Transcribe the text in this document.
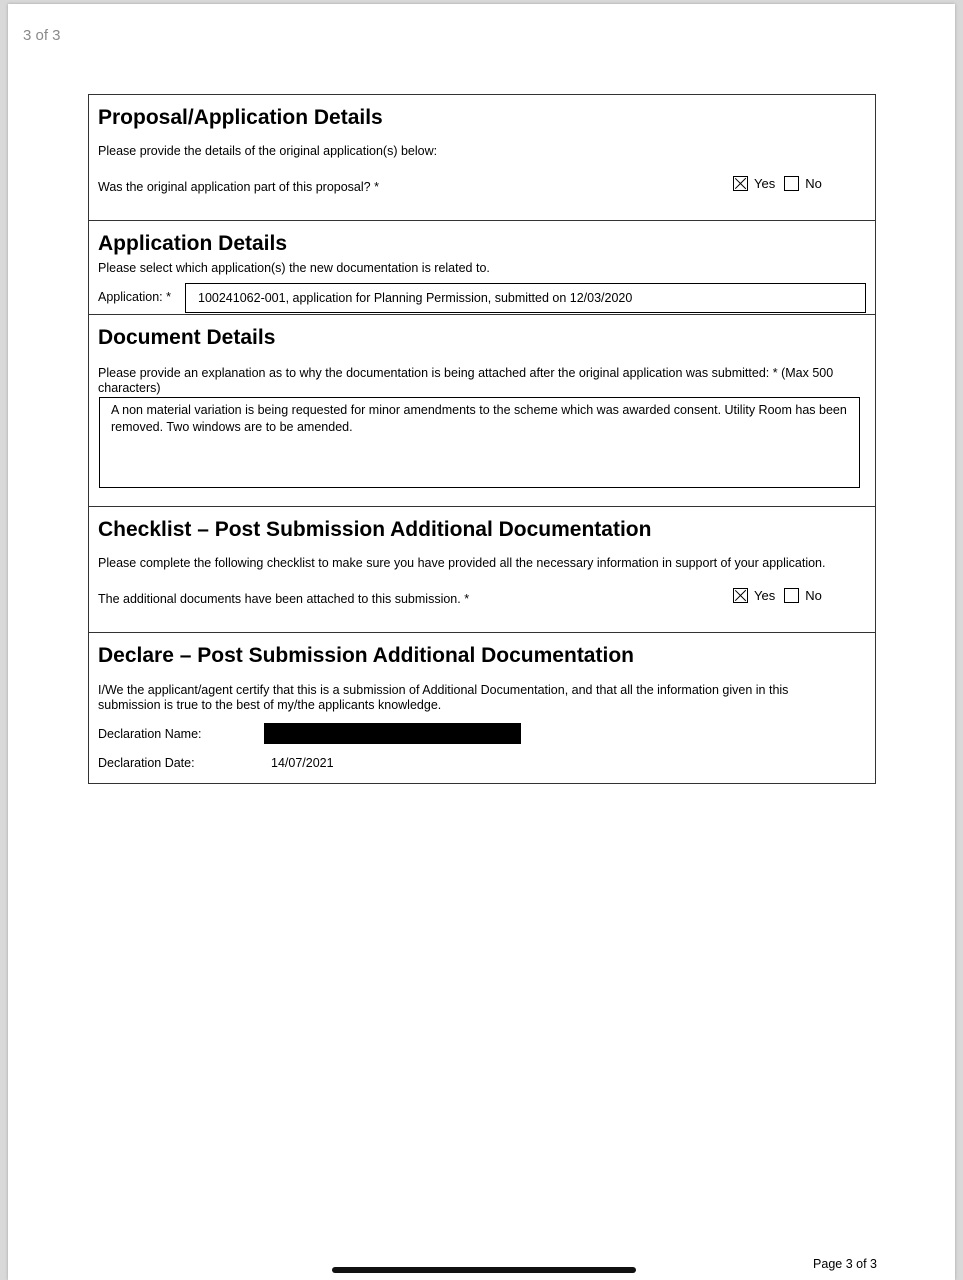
3 of 3
Proposal/Application Details
Please provide the details of the original application(s) below:
Was the original application part of this proposal? *	Yes No
Application Details
Please select which application(s) the new documentation is related to.
Application: *	100241062-001, application for Planning Permission, submitted on 12/03/2020
Document Details
Please provide an explanation as to why the documentation is being attached after the original application was submitted: * (Max 500 characters)
A non material variation is being requested for minor amendments to the scheme which was awarded consent. Utility Room has been removed. Two windows are to be amended.
Checklist – Post Submission Additional Documentation
Please complete the following checklist to make sure you have provided all the necessary information in support of your application.
The additional documents have been attached to this submission. *	Yes No
Declare – Post Submission Additional Documentation
I/We the applicant/agent certify that this is a submission of Additional Documentation, and that all the information given in this submission is true to the best of my/the applicants knowledge.
Declaration Name:
Declaration Date:	14/07/2021
Page 3 of 3
